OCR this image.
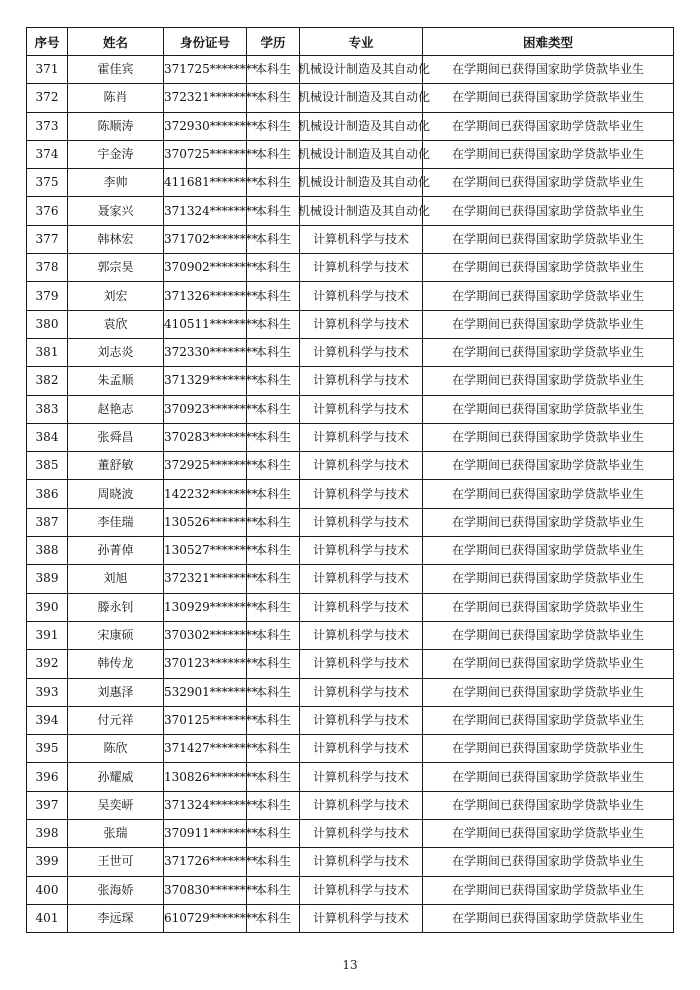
序号	姓名	身份证号	学历	专业	困难类型
371	霍佳宾	371725********	本科生	机械设计制造及其自动化	在学期间已获得国家助学贷款毕业生
372	陈肖	372321********	本科生	机械设计制造及其自动化	在学期间已获得国家助学贷款毕业生
373	陈顺涛	372930********	本科生	机械设计制造及其自动化	在学期间已获得国家助学贷款毕业生
374	宇金涛	370725********	本科生	机械设计制造及其自动化	在学期间已获得国家助学贷款毕业生
375	李帅	411681********	本科生	机械设计制造及其自动化	在学期间已获得国家助学贷款毕业生
376	聂家兴	371324********	本科生	机械设计制造及其自动化	在学期间已获得国家助学贷款毕业生
377	韩林宏	371702********	本科生	计算机科学与技术	在学期间已获得国家助学贷款毕业生
378	郭宗昊	370902********	本科生	计算机科学与技术	在学期间已获得国家助学贷款毕业生
379	刘宏	371326********	本科生	计算机科学与技术	在学期间已获得国家助学贷款毕业生
380	袁欣	410511********	本科生	计算机科学与技术	在学期间已获得国家助学贷款毕业生
381	刘志炎	372330********	本科生	计算机科学与技术	在学期间已获得国家助学贷款毕业生
382	朱孟顺	371329********	本科生	计算机科学与技术	在学期间已获得国家助学贷款毕业生
383	赵艳志	370923********	本科生	计算机科学与技术	在学期间已获得国家助学贷款毕业生
384	张舜昌	370283********	本科生	计算机科学与技术	在学期间已获得国家助学贷款毕业生
385	董舒敏	372925********	本科生	计算机科学与技术	在学期间已获得国家助学贷款毕业生
386	周晓波	142232********	本科生	计算机科学与技术	在学期间已获得国家助学贷款毕业生
387	李佳瑞	130526********	本科生	计算机科学与技术	在学期间已获得国家助学贷款毕业生
388	孙菁倬	130527********	本科生	计算机科学与技术	在学期间已获得国家助学贷款毕业生
389	刘旭	372321********	本科生	计算机科学与技术	在学期间已获得国家助学贷款毕业生
390	滕永钊	130929********	本科生	计算机科学与技术	在学期间已获得国家助学贷款毕业生
391	宋康硕	370302********	本科生	计算机科学与技术	在学期间已获得国家助学贷款毕业生
392	韩传龙	370123********	本科生	计算机科学与技术	在学期间已获得国家助学贷款毕业生
393	刘惠泽	532901********	本科生	计算机科学与技术	在学期间已获得国家助学贷款毕业生
394	付元祥	370125********	本科生	计算机科学与技术	在学期间已获得国家助学贷款毕业生
395	陈欣	371427********	本科生	计算机科学与技术	在学期间已获得国家助学贷款毕业生
396	孙耀威	130826********	本科生	计算机科学与技术	在学期间已获得国家助学贷款毕业生
397	吴奕岍	371324********	本科生	计算机科学与技术	在学期间已获得国家助学贷款毕业生
398	张瑞	370911********	本科生	计算机科学与技术	在学期间已获得国家助学贷款毕业生
399	王世可	371726********	本科生	计算机科学与技术	在学期间已获得国家助学贷款毕业生
400	张海娇	370830********	本科生	计算机科学与技术	在学期间已获得国家助学贷款毕业生
401	李远琛	610729********	本科生	计算机科学与技术	在学期间已获得国家助学贷款毕业生
13
